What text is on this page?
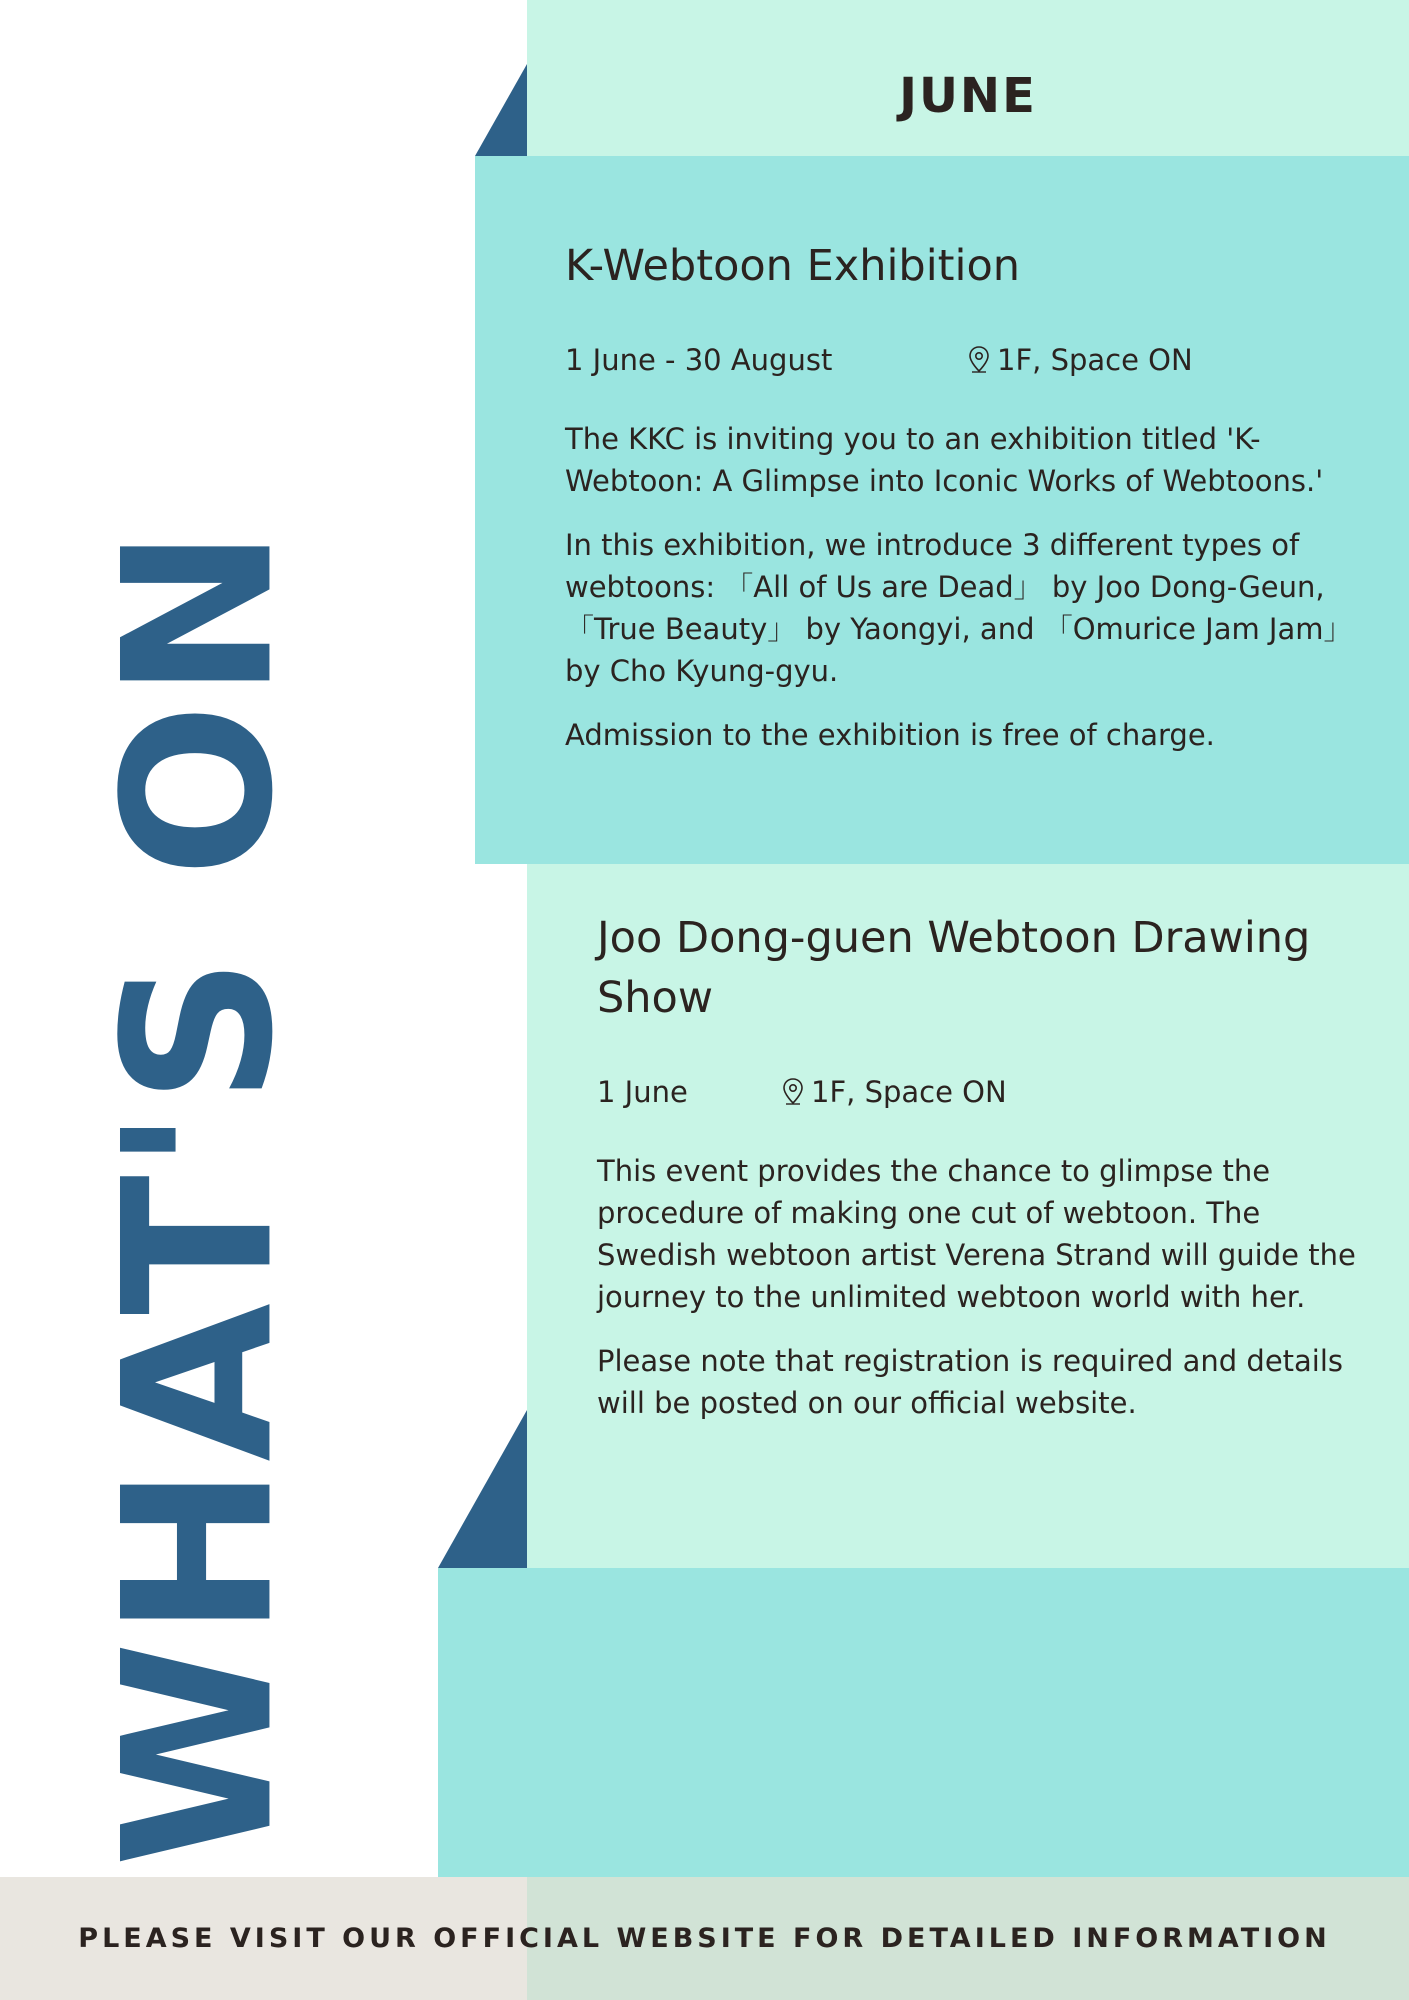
WHAT'S ON
JUNE
K-Webtoon Exhibition
1 June - 30 August	1F, Space ON

The KKC is inviting you to an exhibition titled 'K-Webtoon: A Glimpse into Iconic Works of Webtoons.'

In this exhibition, we introduce 3 different types of webtoons: 「All of Us are Dead」 by Joo Dong-Geun, 「True Beauty」 by Yaongyi, and 「Omurice Jam Jam」 by Cho Kyung-gyu.

Admission to the exhibition is free of charge.

Joo Dong-guen Webtoon Drawing Show
1 June	1F, Space ON

This event provides the chance to glimpse the procedure of making one cut of webtoon. The Swedish webtoon artist Verena Strand will guide the journey to the unlimited webtoon world with her.

Please note that registration is required and details will be posted on our official website.

PLEASE VISIT OUR OFFICIAL WEBSITE FOR DETAILED INFORMATION
